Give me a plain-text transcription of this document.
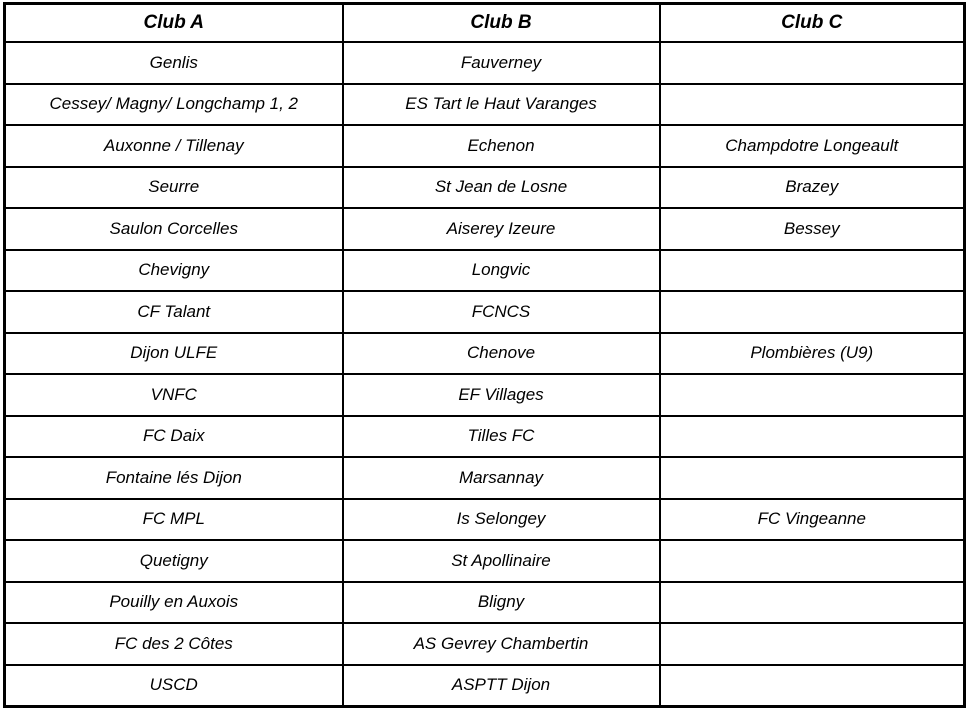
Club A	Club B	Club C
Genlis	Fauverney	
Cessey/ Magny/ Longchamp 1, 2	ES Tart le Haut Varanges	
Auxonne / Tillenay	Echenon	Champdotre Longeault
Seurre	St Jean de Losne	Brazey
Saulon Corcelles	Aiserey Izeure	Bessey
Chevigny	Longvic	
CF Talant	FCNCS	
Dijon ULFE	Chenove	Plombières (U9)
VNFC	EF Villages	
FC Daix	Tilles FC	
Fontaine lés Dijon	Marsannay	
FC MPL	Is Selongey	FC Vingeanne
Quetigny	St Apollinaire	
Pouilly en Auxois	Bligny	
FC des 2 Côtes	AS Gevrey Chambertin	
USCD	ASPTT Dijon	
